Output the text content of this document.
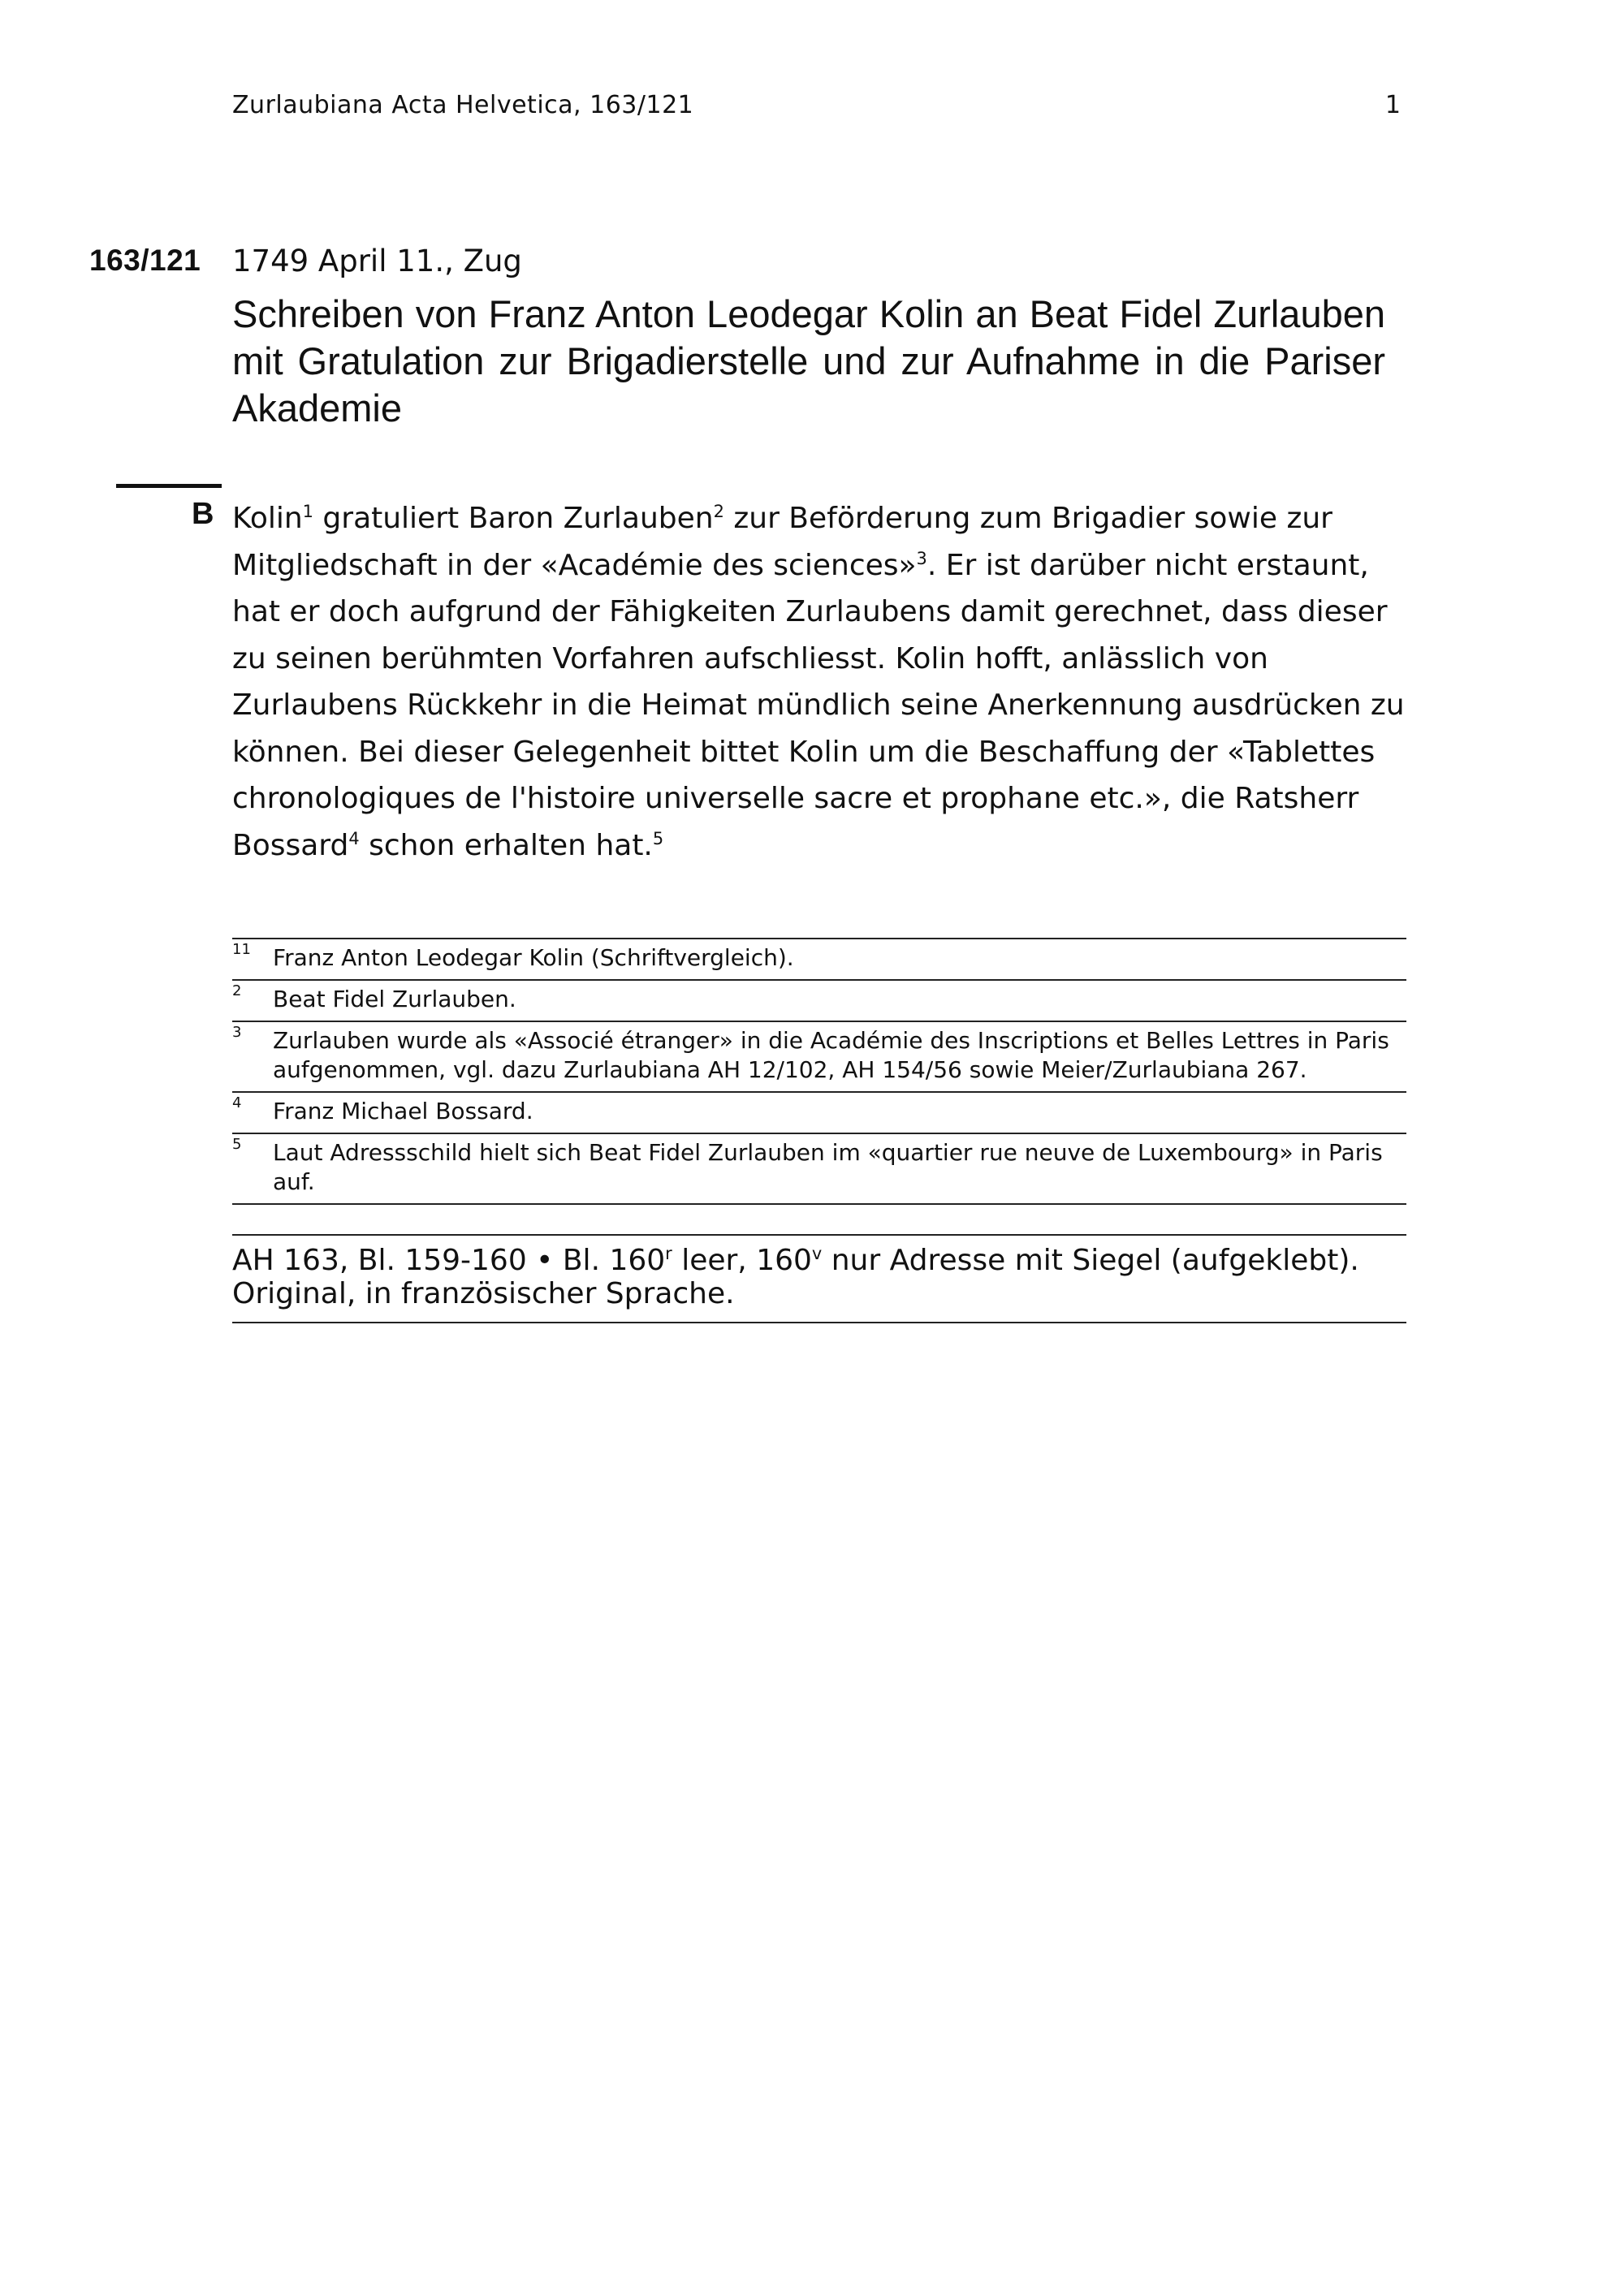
Zurlaubiana Acta Helvetica, 163/121	1
163/121 1749 April 11., Zug
Schreiben von Franz Anton Leodegar Kolin an Beat Fidel Zurlauben mit Gratulation zur Brigadierstelle und zur Aufnahme in die Pariser Akademie
B Kolin$^1$ gratuliert Baron Zurlauben$^2$ zur Beförderung zum Brigadier sowie zur Mitgliedschaft in der «Académie des sciences»$^3$. Er ist darüber nicht erstaunt, hat er doch aufgrund der Fähigkeiten Zurlaubens damit gerechnet, dass dieser zu seinen berühmten Vorfahren aufschliesst. Kolin hofft, anlässlich von Zurlaubens Rückkehr in die Heimat mündlich seine Anerkennung ausdrücken zu können. Bei dieser Gelegenheit bittet Kolin um die Beschaffung der «Tablettes chronologiques de l'histoire universelle sacre et prophane etc.», die Ratsherr Bossard$^4$ schon erhalten hat.$^5$

11 Franz Anton Leodegar Kolin (Schriftvergleich).
2 Beat Fidel Zurlauben.
3 Zurlauben wurde als «Associé étranger» in die Académie des Inscriptions et Belles Lettres in Paris aufgenommen, vgl. dazu Zurlaubiana AH 12/102, AH 154/56 sowie Meier/Zurlaubiana 267.
4 Franz Michael Bossard.
5 Laut Adressschild hielt sich Beat Fidel Zurlauben im «quartier rue neuve de Luxembourg» in Paris auf.
AH 163, Bl. 159-160 • Bl. 160$^r$ leer, 160$^v$ nur Adresse mit Siegel (aufgeklebt). Original, in französischer Sprache.
